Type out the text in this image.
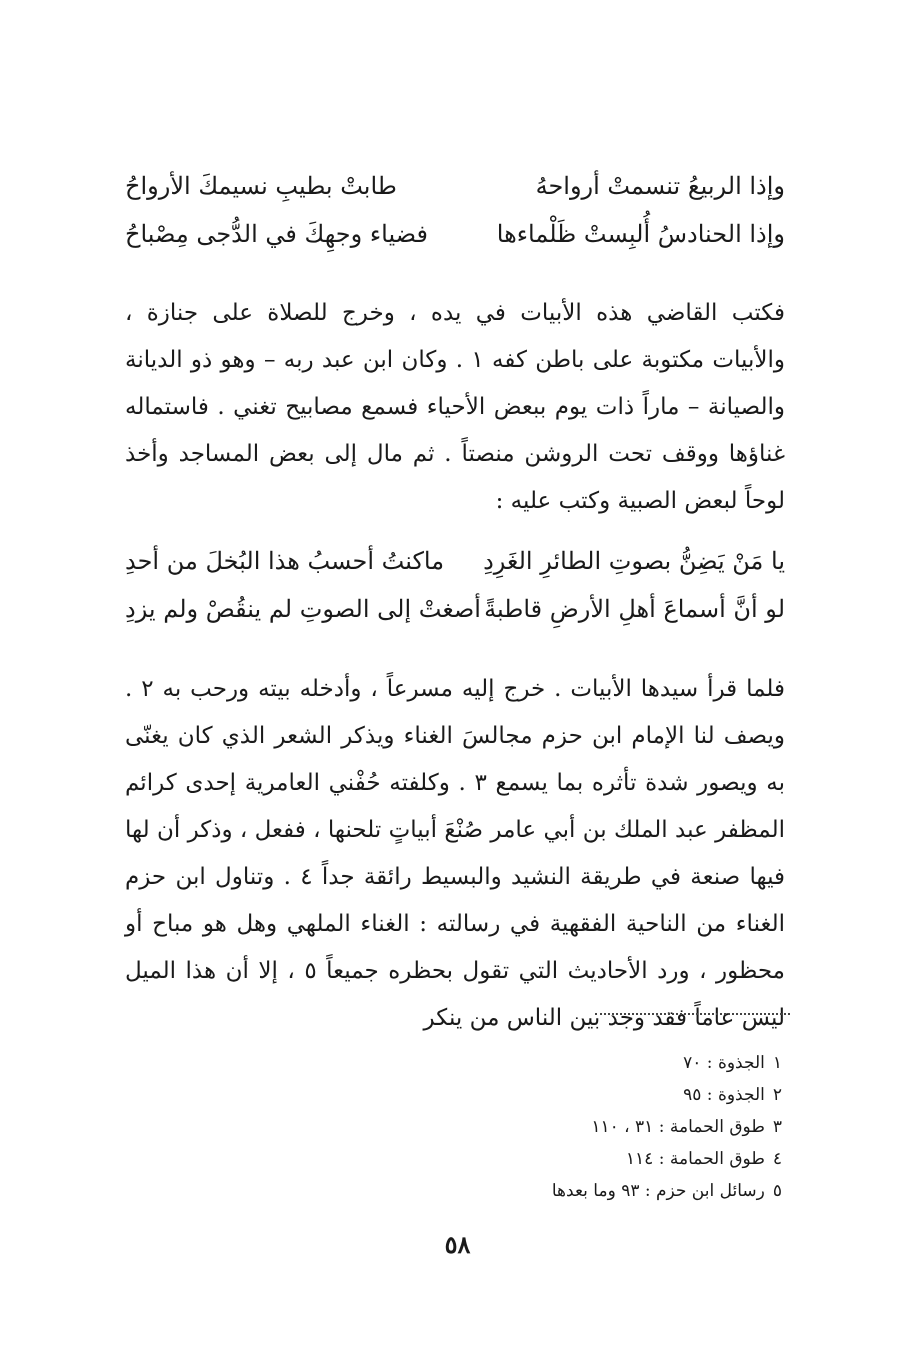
وإذا الربيعُ تنسمتْ أرواحهُ
طابتْ بطيبِ نسيمكَ الأرواحُ
وإذا الحنادسُ أُلبِستْ ظَلْماءها
فضياء وجهِكَ في الدُّجى مِصْباحُ

فكتب القاضي هذه الأبيات في يده ، وخرج للصلاة على جنازة ، والأبيات مكتوبة على باطن كفه ١ . وكان ابن عبد ربه – وهو ذو الديانة والصيانة – ماراً ذات يوم ببعض الأحياء فسمع مصابيح تغني . فاستماله غناؤها ووقف تحت الروشن منصتاً . ثم مال إلى بعض المساجد وأخذ لوحاً لبعض الصبية وكتب عليه :

يا مَنْ يَضِنُّ بصوتِ الطائرِ الغَرِدِ
ماكنتُ أحسبُ هذا البُخلَ من أحدِ
لو أنَّ أسماعَ أهلِ الأرضِ قاطبةً
أصغتْ إلى الصوتِ لم ينقُصْ ولم يزدِ

فلما قرأ سيدها الأبيات . خرج إليه مسرعاً ، وأدخله بيته ورحب به ٢ . ويصف لنا الإمام ابن حزم مجالسَ الغناء ويذكر الشعر الذي كان يغنّى به ويصور شدة تأثره بما يسمع ٣ . وكلفته حُفْني العامرية إحدى كرائم المظفر عبد الملك بن أبي عامر صُنْعَ أبياتٍ تلحنها ، ففعل ، وذكر أن لها فيها صنعة في طريقة النشيد والبسيط رائقة جداً ٤ . وتناول ابن حزم الغناء من الناحية الفقهية في رسالته : الغناء الملهي وهل هو مباح أو محظور ، ورد الأحاديث التي تقول بحظره جميعاً ٥ ، إلا أن هذا الميل ليس عاماً فقد وجد بين الناس من ينكر

١
الجذوة : ٧٠
٢
الجذوة : ٩٥
٣
طوق الحمامة : ٣١ ، ١١٠
٤
طوق الحمامة : ١١٤
٥
رسائل ابن حزم : ٩٣ وما بعدها
٥٨
